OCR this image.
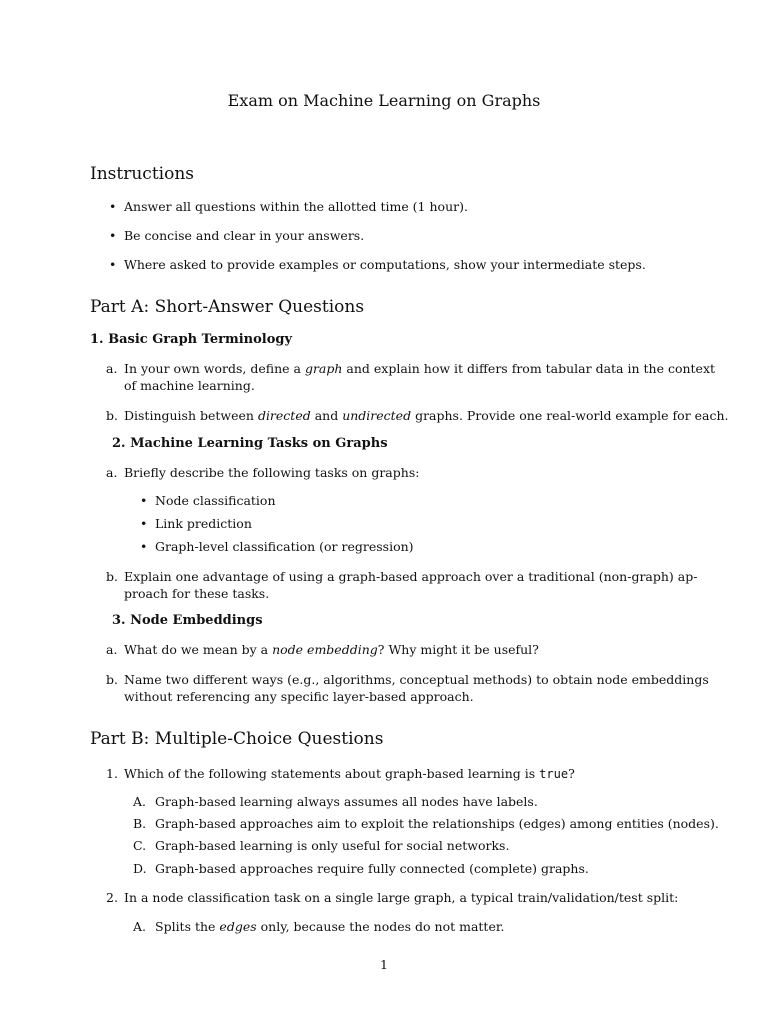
Exam on Machine Learning on Graphs
Instructions
• Answer all questions within the allotted time (1 hour).
• Be concise and clear in your answers.
• Where asked to provide examples or computations, show your intermediate steps.
Part A: Short-Answer Questions
1. Basic Graph Terminology
a. In your own words, define a graph and explain how it differs from tabular data in the context
of machine learning.
b. Distinguish between directed and undirected graphs. Provide one real-world example for each.
2. Machine Learning Tasks on Graphs
a. Briefly describe the following tasks on graphs:
• Node classification
• Link prediction
• Graph-level classification (or regression)
b. Explain one advantage of using a graph-based approach over a traditional (non-graph) ap-
proach for these tasks.
3. Node Embeddings
a. What do we mean by a node embedding? Why might it be useful?
b. Name two different ways (e.g., algorithms, conceptual methods) to obtain node embeddings
without referencing any specific layer-based approach.
Part B: Multiple-Choice Questions
1. Which of the following statements about graph-based learning is true?
A. Graph-based learning always assumes all nodes have labels.
B. Graph-based approaches aim to exploit the relationships (edges) among entities (nodes).
C. Graph-based learning is only useful for social networks.
D. Graph-based approaches require fully connected (complete) graphs.
2. In a node classification task on a single large graph, a typical train/validation/test split:
A. Splits the edges only, because the nodes do not matter.
1
